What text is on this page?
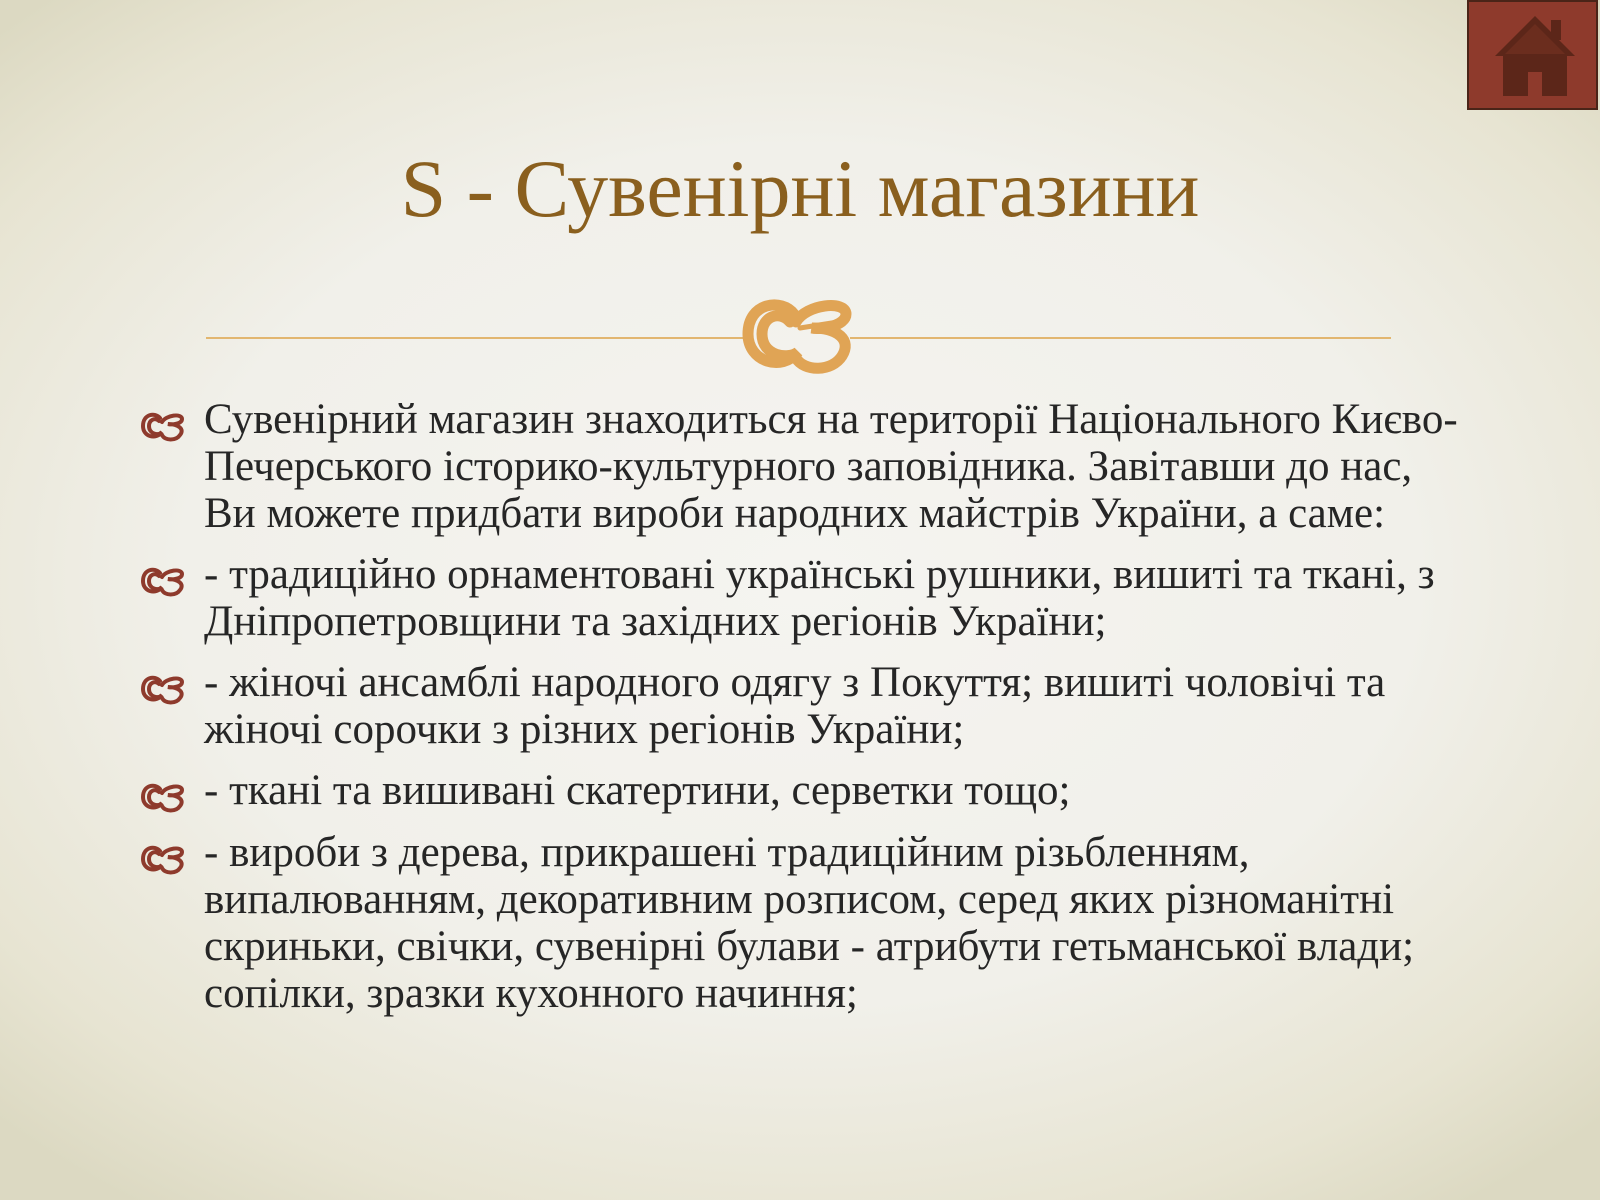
S - Сувенірні магазини

Сувенірний магазин знаходиться на території Національного Києво-Печерського історико-культурного заповідника. Завітавши до нас, Ви можете придбати вироби народних майстрів України, а саме:

- традиційно орнаментовані українські рушники, вишиті та ткані, з Дніпропетровщини та західних регіонів України;

- жіночі ансамблі народного одягу з Покуття; вишиті чоловічі та жіночі сорочки з різних регіонів України;

- ткані та вишивані скатертини, серветки тощо;

- вироби з дерева, прикрашені традиційним різьбленням, випалюванням, декоративним розписом, серед яких різноманітні скриньки, свічки, сувенірні булави - атрибути гетьманської влади; сопілки, зразки кухонного начиння;
